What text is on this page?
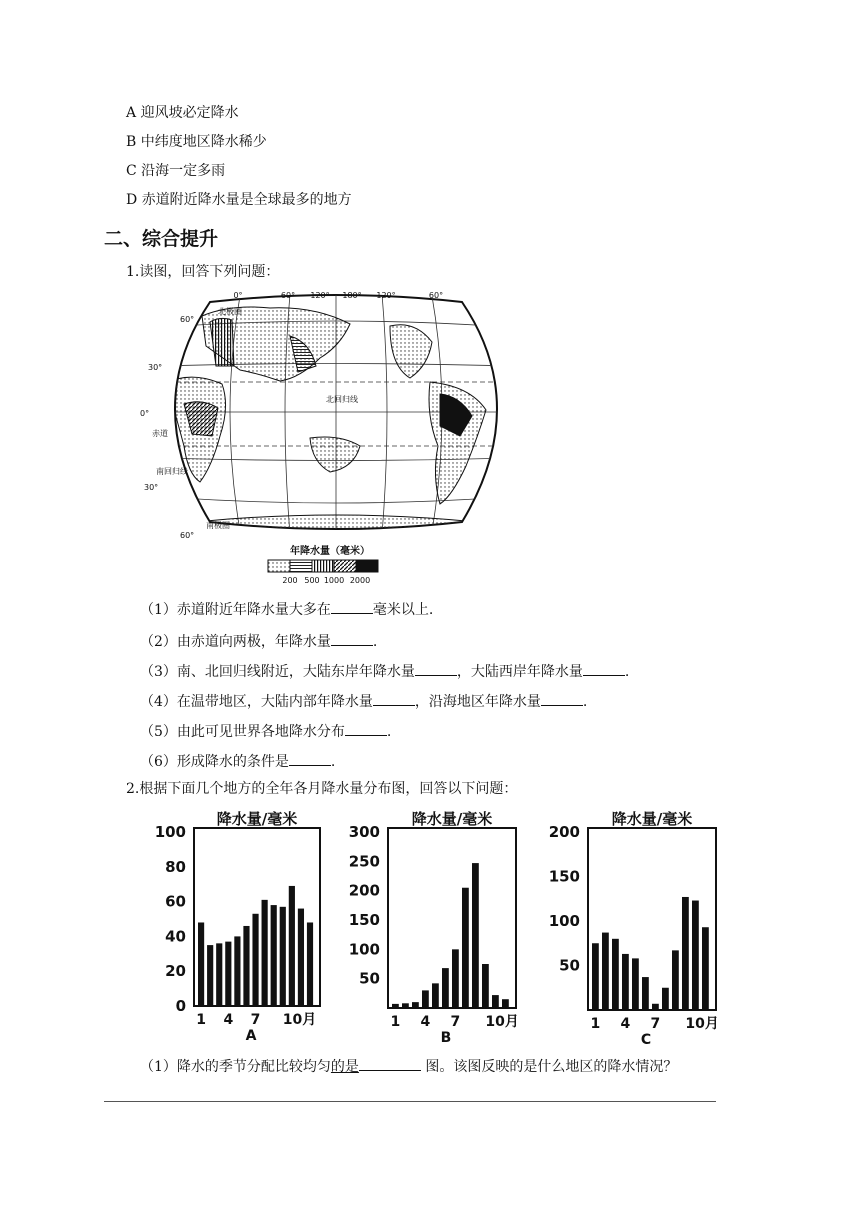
A 迎风坡必定降水
B 中纬度地区降水稀少
C 沿海一定多雨
D 赤道附近降水量是全球最多的地方
二、综合提升
1.读图，回答下列问题：
0°	60° 120° 180° 120°	60°
60°
30°
0°
30°
60°
北极圈
北回归线
赤道
南回归线
南极圈
年降水量（毫米）
200 500 1000 2000
（1）赤道附近年降水量大多在	毫米以上.
（2）由赤道向两极，年降水量	.
（3）南、北回归线附近，大陆东岸年降水量	，大陆西岸年降水量	.
（4）在温带地区，大陆内部年降水量	，沿海地区年降水量	.
（5）由此可见世界各地降水分布	.
（6）形成降水的条件是	.
2.根据下面几个地方的全年各月降水量分布图，回答以下问题：
降水量/毫米
0
20
40
60
80
100
1 4 7 10月
A
降水量/毫米
50
100
150
200
250
300
1 4 7 10月
B
降水量/毫米
50
100
150
200
1 4 7 10月
C
（1）降水的季节分配比较均匀的是	图。该图反映的是什么地区的降水情况？
